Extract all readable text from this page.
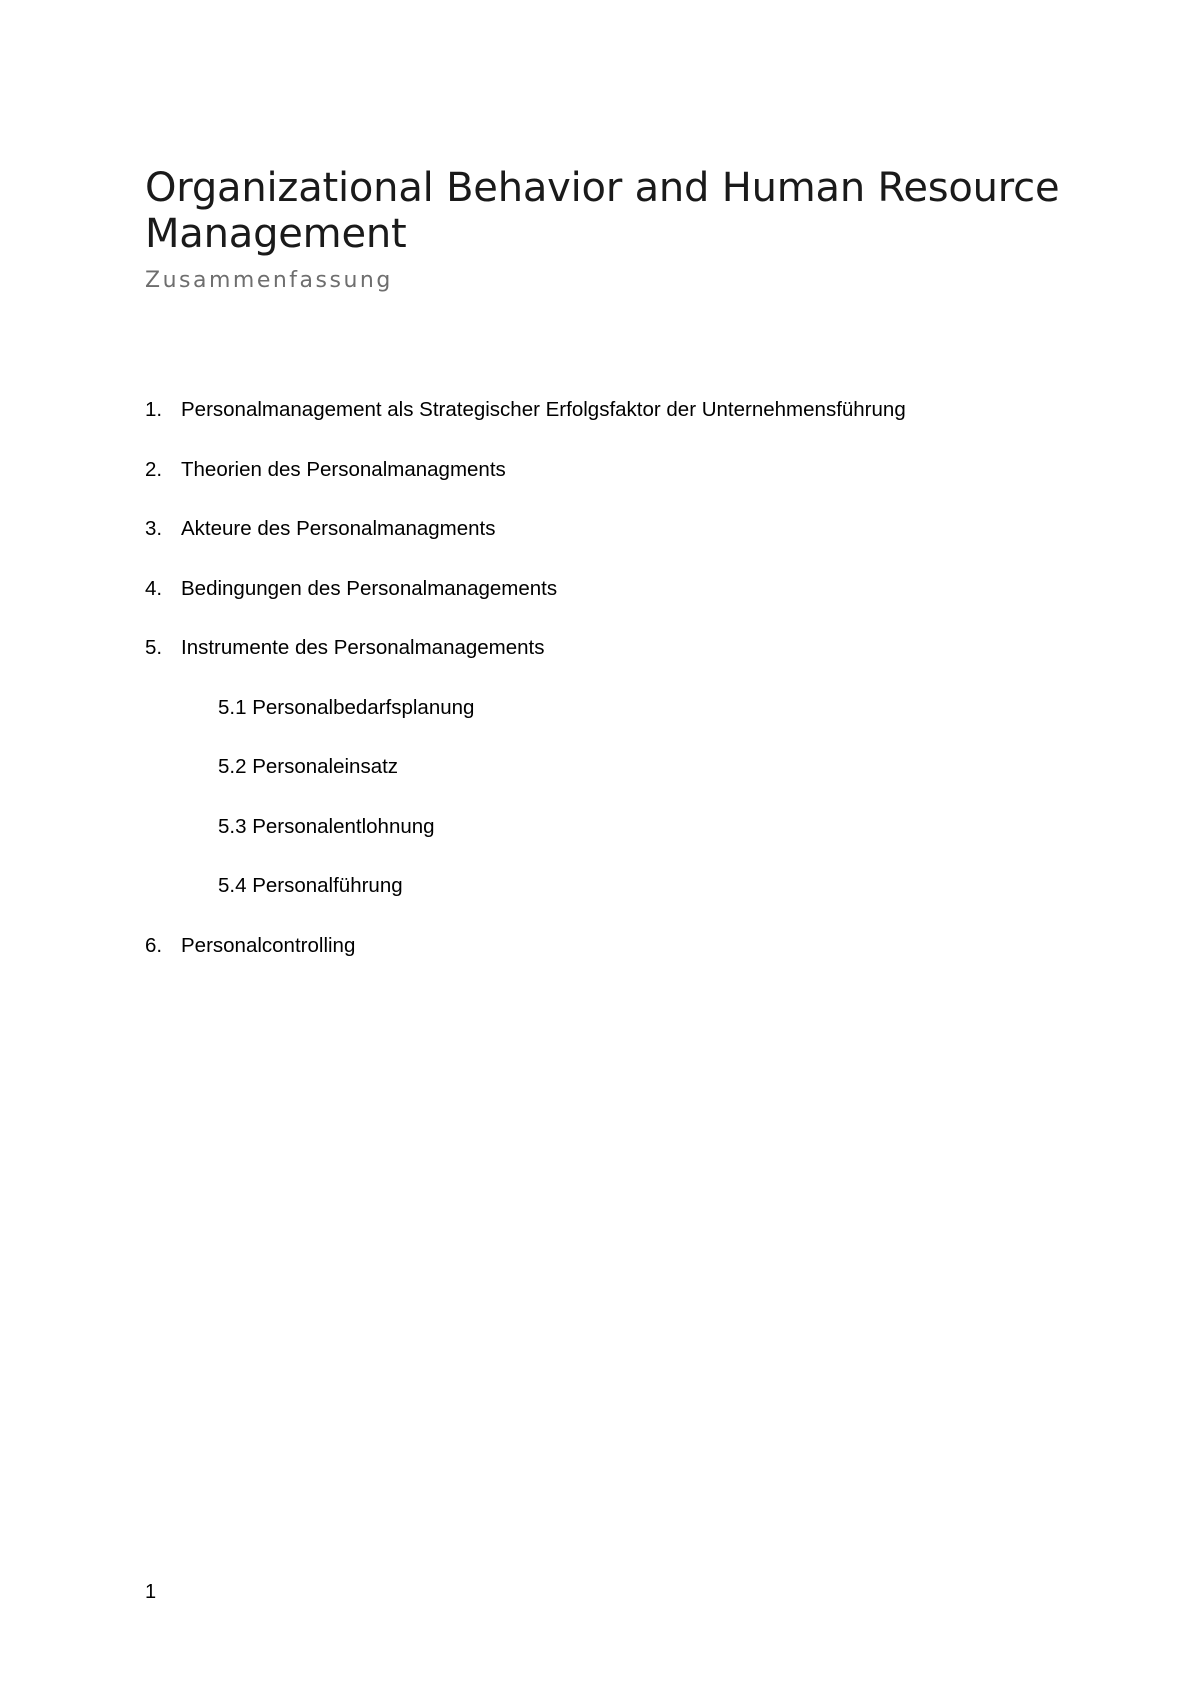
Organizational Behavior and Human Resource Management
Zusammenfassung
1. Personalmanagement als Strategischer Erfolgsfaktor der Unternehmensführung
2. Theorien des Personalmanagments
3. Akteure des Personalmanagments
4. Bedingungen des Personalmanagements
5. Instrumente des Personalmanagements
5.1 Personalbedarfsplanung
5.2 Personaleinsatz
5.3 Personalentlohnung
5.4 Personalführung
6. Personalcontrolling
1
